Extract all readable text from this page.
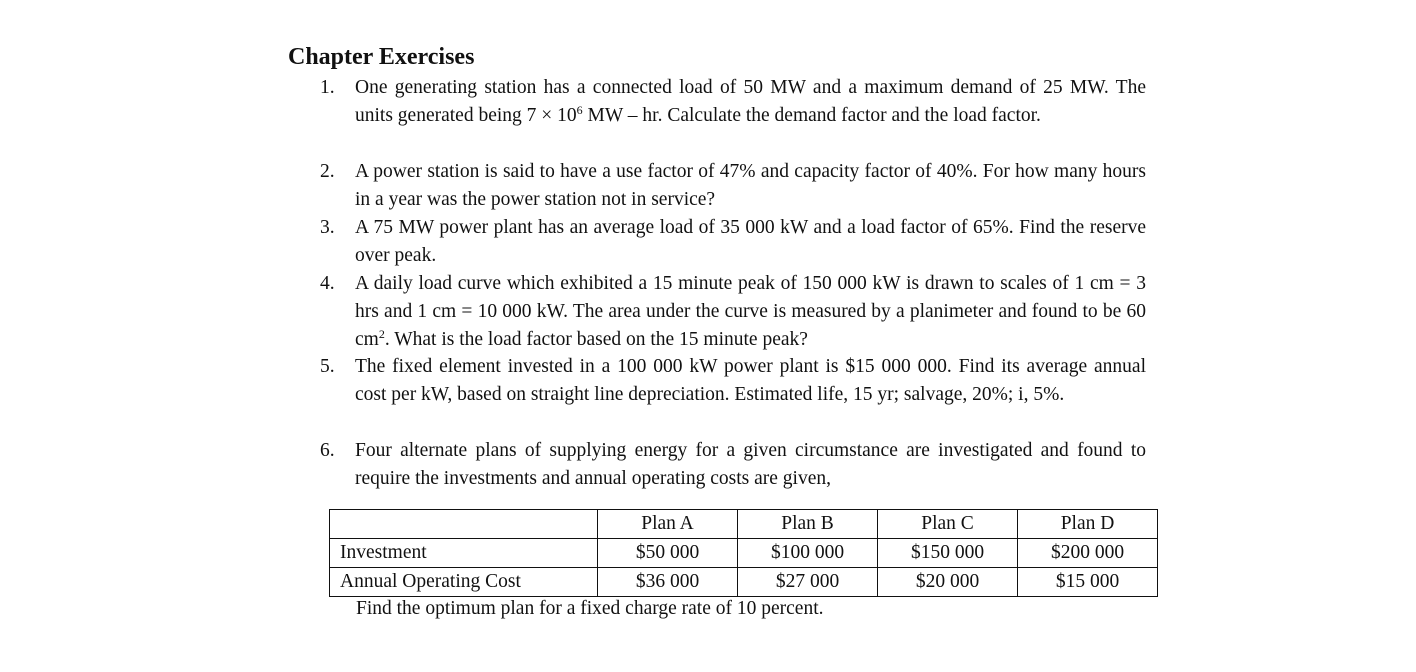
Chapter Exercises
1. One generating station has a connected load of 50 MW and a maximum demand of 25 MW. The units generated being $7 \times 10^6$ MW – hr. Calculate the demand factor and the load factor.
2. A power station is said to have a use factor of 47% and capacity factor of 40%. For how many hours in a year was the power station not in service?
3. A 75 MW power plant has an average load of 35 000 kW and a load factor of 65%. Find the reserve over peak.
4. A daily load curve which exhibited a 15 minute peak of 150 000 kW is drawn to scales of 1 cm = 3 hrs and 1 cm = 10 000 kW. The area under the curve is measured by a planimeter and found to be 60 $cm^2$. What is the load factor based on the 15 minute peak?
5. The fixed element invested in a 100 000 kW power plant is $15 000 000. Find its average annual cost per kW, based on straight line depreciation. Estimated life, 15 yr; salvage, 20%; i, 5%.
6. Four alternate plans of supplying energy for a given circumstance are investigated and found to require the investments and annual operating costs are given,
	Plan A	Plan B	Plan C	Plan D
Investment	$50 000	$100 000	$150 000	$200 000
Annual Operating Cost	$36 000	$27 000	$20 000	$15 000
Find the optimum plan for a fixed charge rate of 10 percent.
